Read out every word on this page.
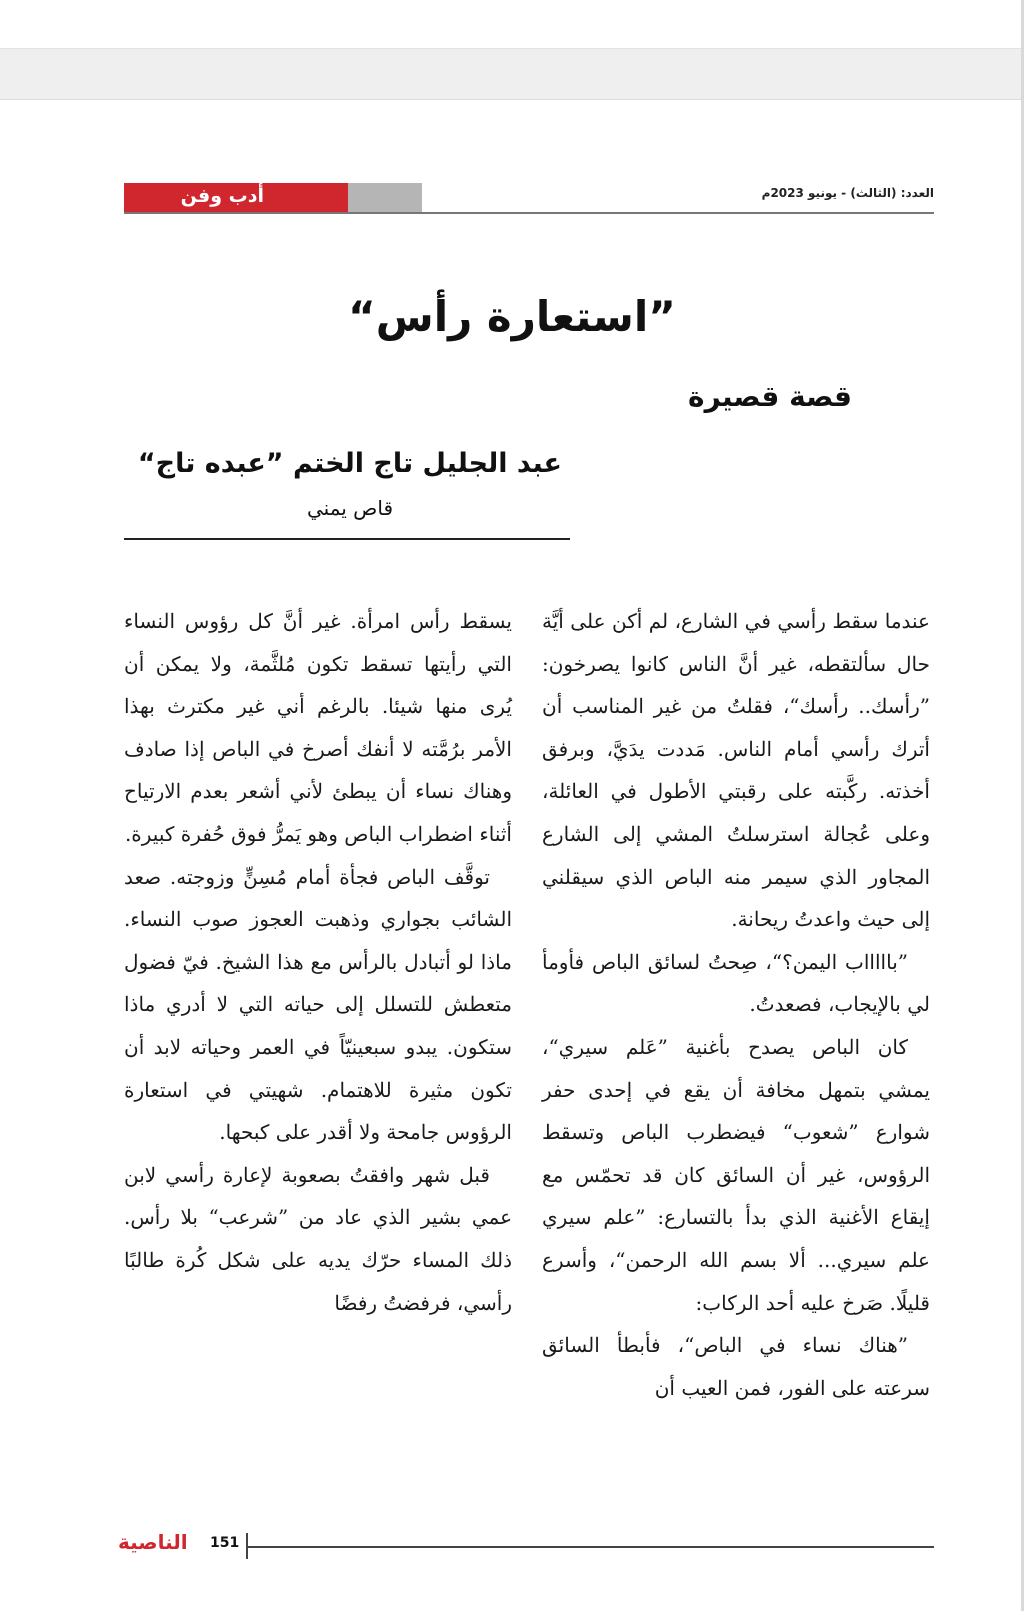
أدب وفن	العدد: (الثالث) - يونيو 2023م
”استعارة رأس“
قصة قصيرة
عبد الجليل تاج الختم ”عبده تاج“
قاص يمني

عندما سقط رأسي في الشارع، لم أكن على أيَّة حال سألتقطه، غير أنَّ الناس كانوا يصرخون: ”رأسك.. رأسك“، فقلتُ من غير المناسب أن أترك رأسي أمام الناس. مَددت يدَيَّ، وبرفق أخذته. ركَّبته على رقبتي الأطول في العائلة، وعلى عُجالة استرسلتُ المشي إلى الشارع المجاور الذي سيمر منه الباص الذي سيقلني إلى حيث واعدتُ ريحانة.

”باااااب اليمن؟“، صِحتُ لسائق الباص فأومأ لي بالإيجاب، فصعدتُ.

كان الباص يصدح بأغنية ”عَلم سيري“، يمشي بتمهل مخافة أن يقع في إحدى حفر شوارع ”شعوب“ فيضطرب الباص وتسقط الرؤوس، غير أن السائق كان قد تحمّس مع إيقاع الأغنية الذي بدأ بالتسارع: ”علم سيري علم سيري... ألا بسم الله الرحمن“، وأسرع قليلًا. صَرخ عليه أحد الركاب:

”هناك نساء في الباص“، فأبطأ السائق سرعته على الفور، فمن العيب أن

يسقط رأس امرأة. غير أنَّ كل رؤوس النساء التي رأيتها تسقط تكون مُلثَّمة، ولا يمكن أن يُرى منها شيئا. بالرغم أني غير مكترث بهذا الأمر برُمَّته لا أنفك أصرخ في الباص إذا صادف وهناك نساء أن يبطئ لأني أشعر بعدم الارتياح أثناء اضطراب الباص وهو يَمرُّ فوق حُفرة كبيرة.

توقَّف الباص فجأة أمام مُسِنٍّ وزوجته. صعد الشائب بجواري وذهبت العجوز صوب النساء. ماذا لو أتبادل بالرأس مع هذا الشيخ. فيّ فضول متعطش للتسلل إلى حياته التي لا أدري ماذا ستكون. يبدو سبعينيّاً في العمر وحياته لابد أن تكون مثيرة للاهتمام. شهيتي في استعارة الرؤوس جامحة ولا أقدر على كبحها.

قبل شهر وافقتُ بصعوبة لإعارة رأسي لابن عمي بشير الذي عاد من ”شرعب“ بلا رأس. ذلك المساء حرّك يديه على شكل كُرة طالبًا رأسي، فرفضتُ رفضًا

الناصية 151
